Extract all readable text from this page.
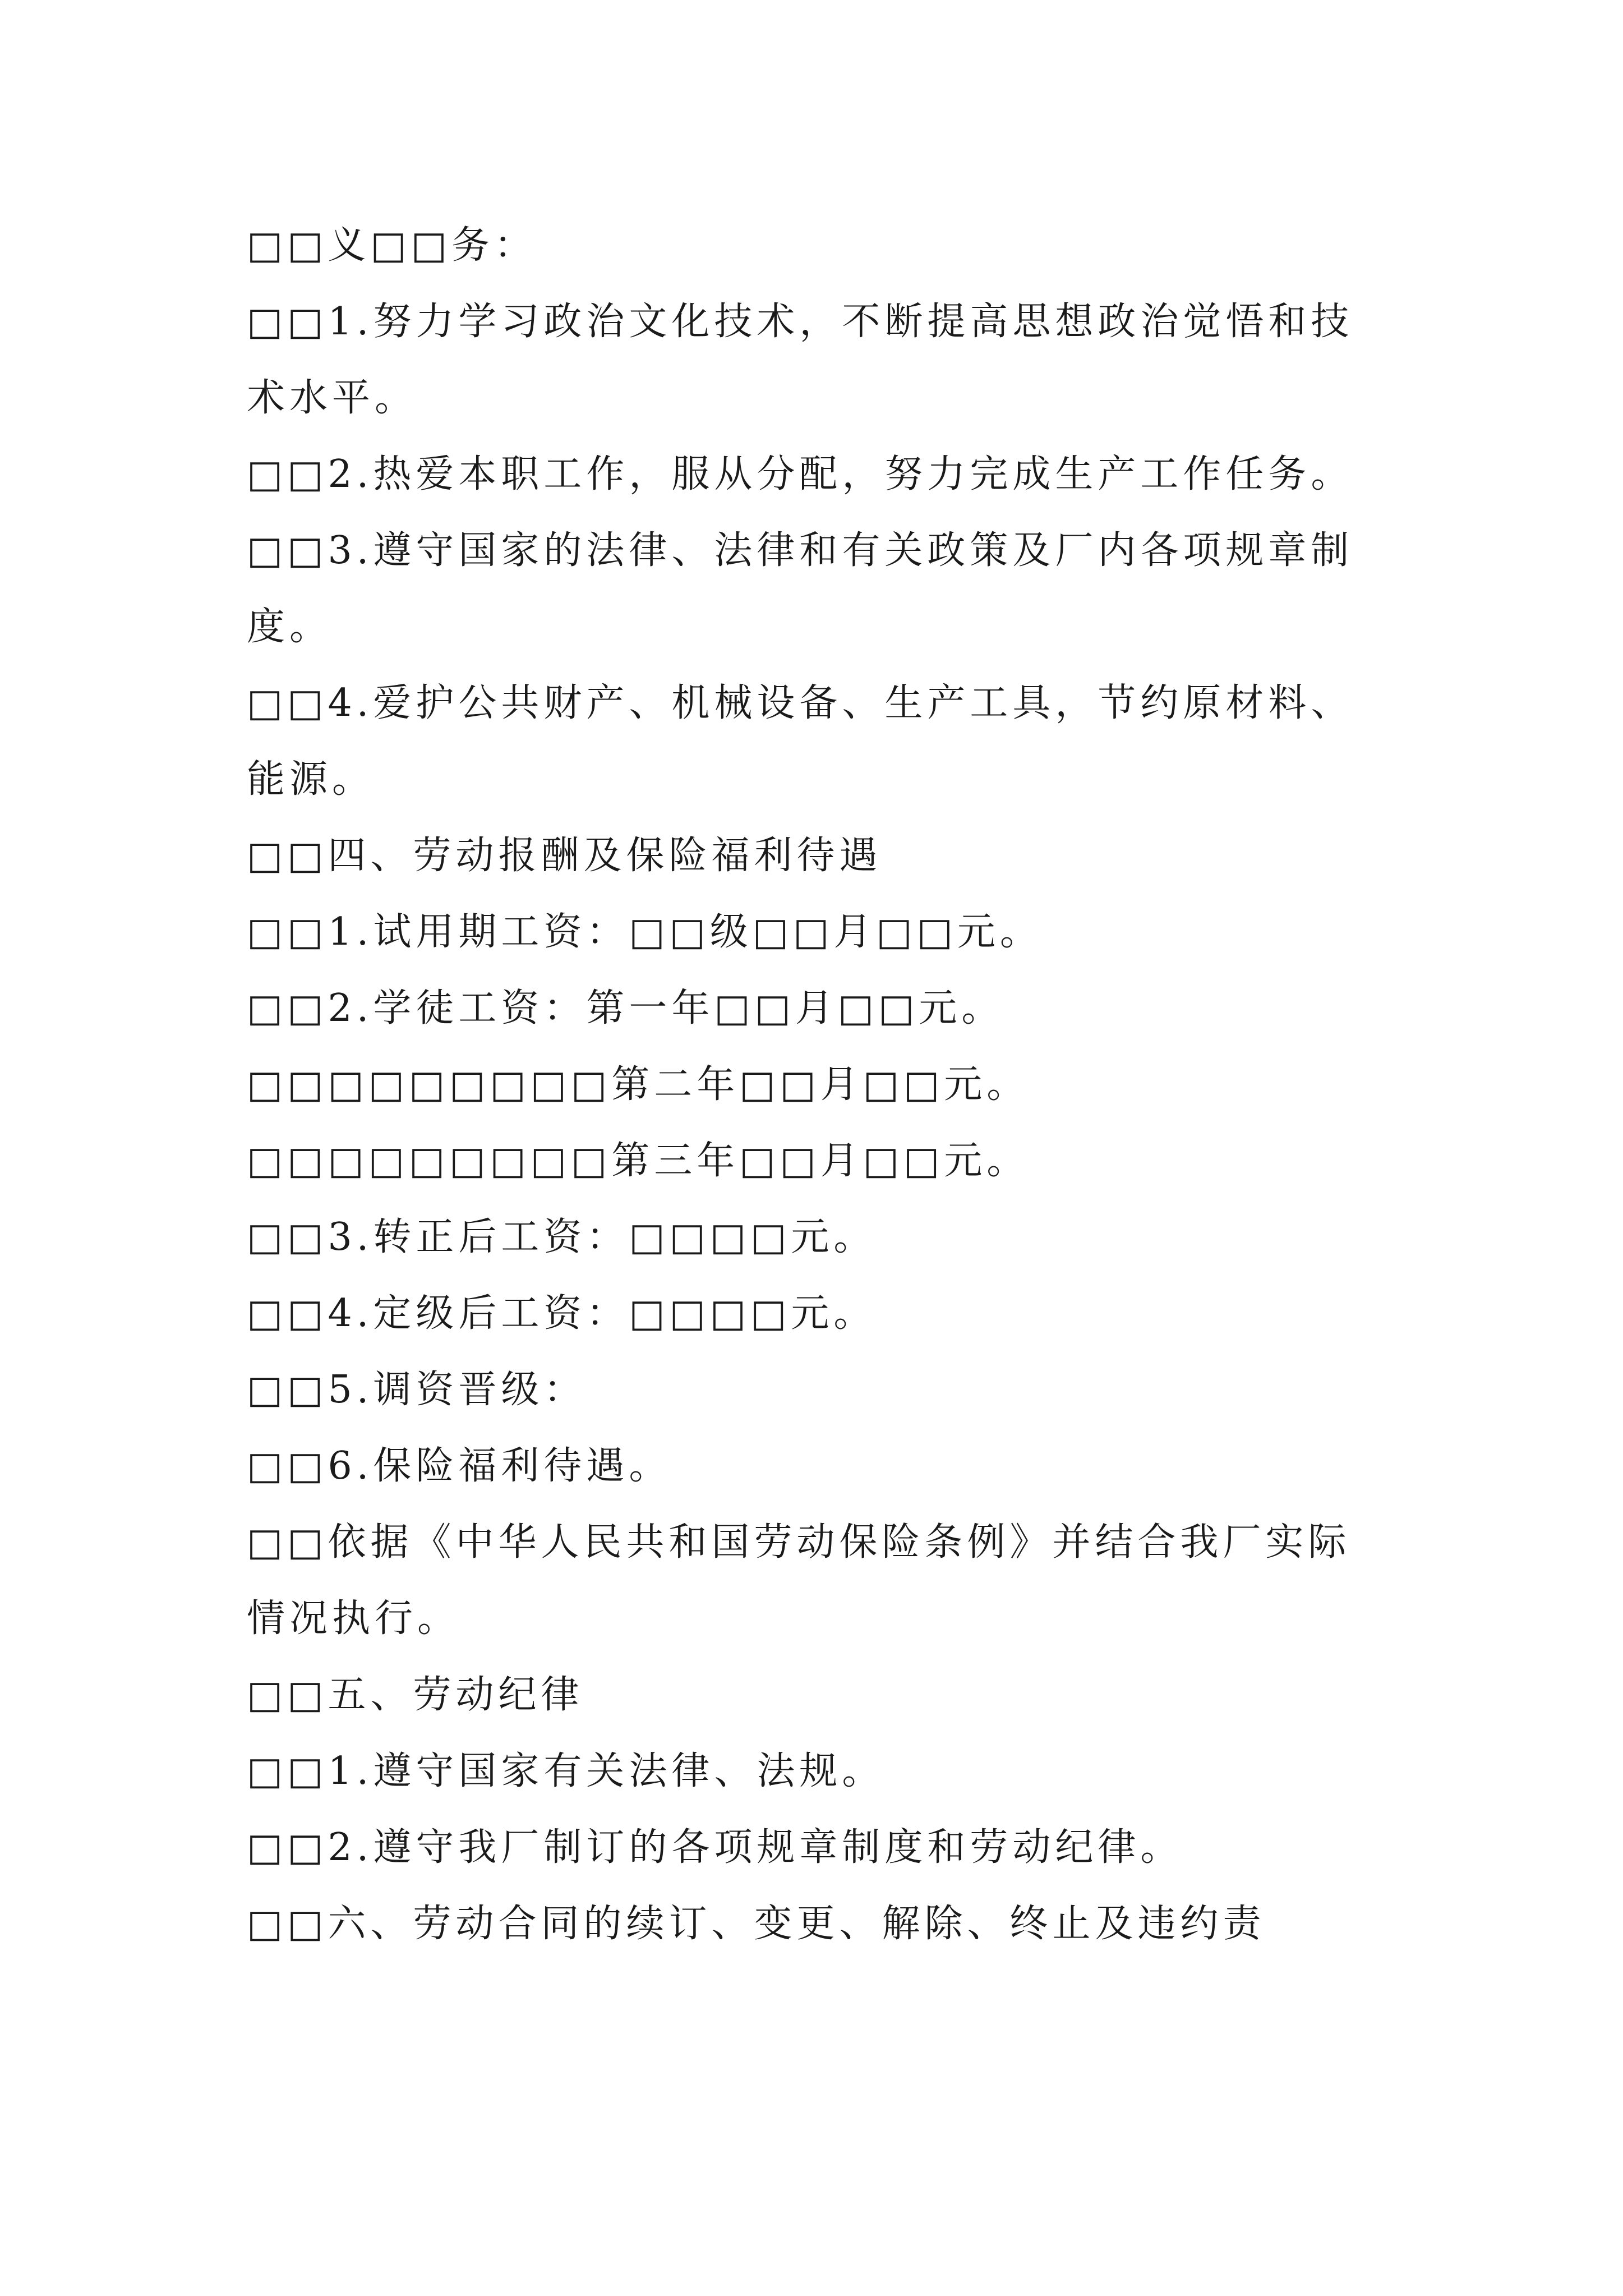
□□义□□务：

□□1.努力学习政治文化技术，不断提高思想政治觉悟和技术水平。

□□2.热爱本职工作，服从分配，努力完成生产工作任务。

□□3.遵守国家的法律、法律和有关政策及厂内各项规章制度。

□□4.爱护公共财产、机械设备、生产工具，节约原材料、能源。

□□四、劳动报酬及保险福利待遇

□□1.试用期工资：□□级□□月□□元。

□□2.学徒工资：第一年□□月□□元。

□□□□□□□□□第二年□□月□□元。

□□□□□□□□□第三年□□月□□元。

□□3.转正后工资：□□□□元。

□□4.定级后工资：□□□□元。

□□5.调资晋级：

□□6.保险福利待遇。

□□依据《中华人民共和国劳动保险条例》并结合我厂实际情况执行。

□□五、劳动纪律

□□1.遵守国家有关法律、法规。

□□2.遵守我厂制订的各项规章制度和劳动纪律。

□□六、劳动合同的续订、变更、解除、终止及违约责
